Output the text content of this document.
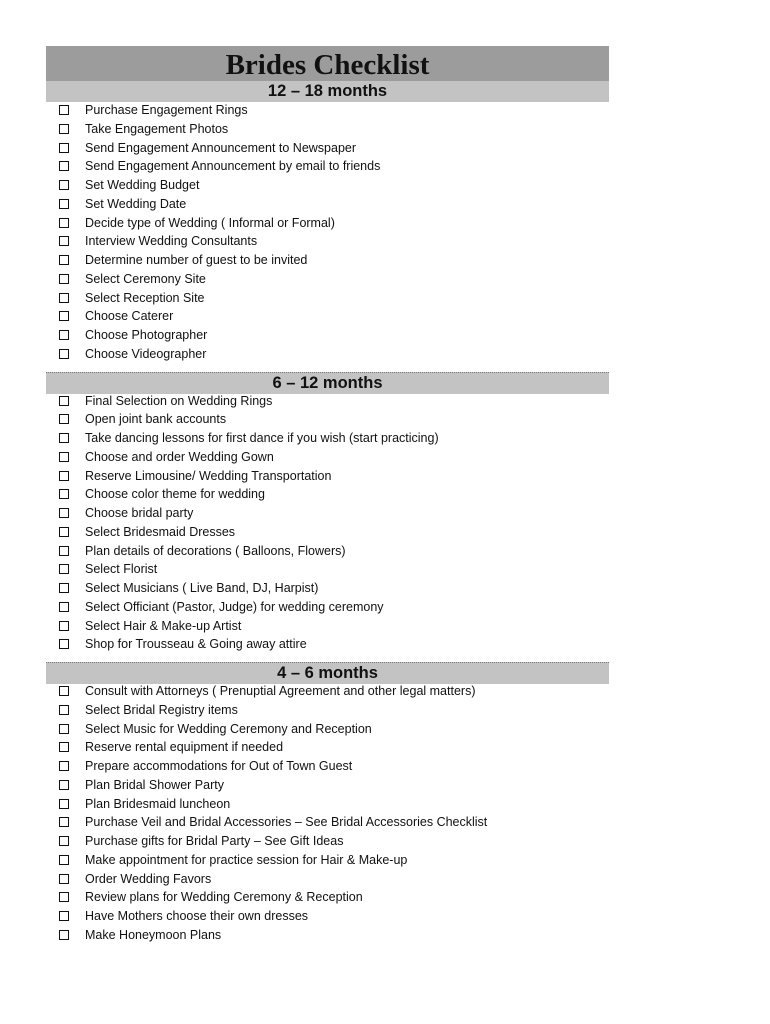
Brides Checklist
12 – 18 months
Purchase Engagement Rings
Take Engagement Photos
Send Engagement Announcement to Newspaper
Send Engagement Announcement by email to friends
Set Wedding Budget
Set Wedding Date
Decide type of Wedding ( Informal or Formal)
Interview Wedding Consultants
Determine number of guest to be invited
Select Ceremony Site
Select Reception Site
Choose Caterer
Choose Photographer
Choose Videographer
6 – 12 months
Final Selection on Wedding Rings
Open joint bank accounts
Take dancing lessons for first dance if you wish (start practicing)
Choose and order Wedding Gown
Reserve Limousine/ Wedding Transportation
Choose color theme for wedding
Choose bridal party
Select Bridesmaid Dresses
Plan details of decorations ( Balloons, Flowers)
Select Florist
Select Musicians ( Live Band, DJ, Harpist)
Select Officiant (Pastor, Judge) for wedding ceremony
Select Hair & Make-up Artist
Shop for Trousseau & Going away attire
4 – 6 months
Consult with Attorneys ( Prenuptial Agreement and other legal matters)
Select Bridal Registry items
Select Music for Wedding Ceremony and Reception
Reserve rental equipment if needed
Prepare accommodations for Out of Town Guest
Plan Bridal Shower Party
Plan Bridesmaid luncheon
Purchase Veil and Bridal Accessories – See Bridal Accessories Checklist
Purchase gifts for Bridal Party – See Gift Ideas
Make appointment for practice session for Hair & Make-up
Order Wedding Favors
Review plans for Wedding Ceremony & Reception
Have Mothers choose their own dresses
Make Honeymoon Plans
